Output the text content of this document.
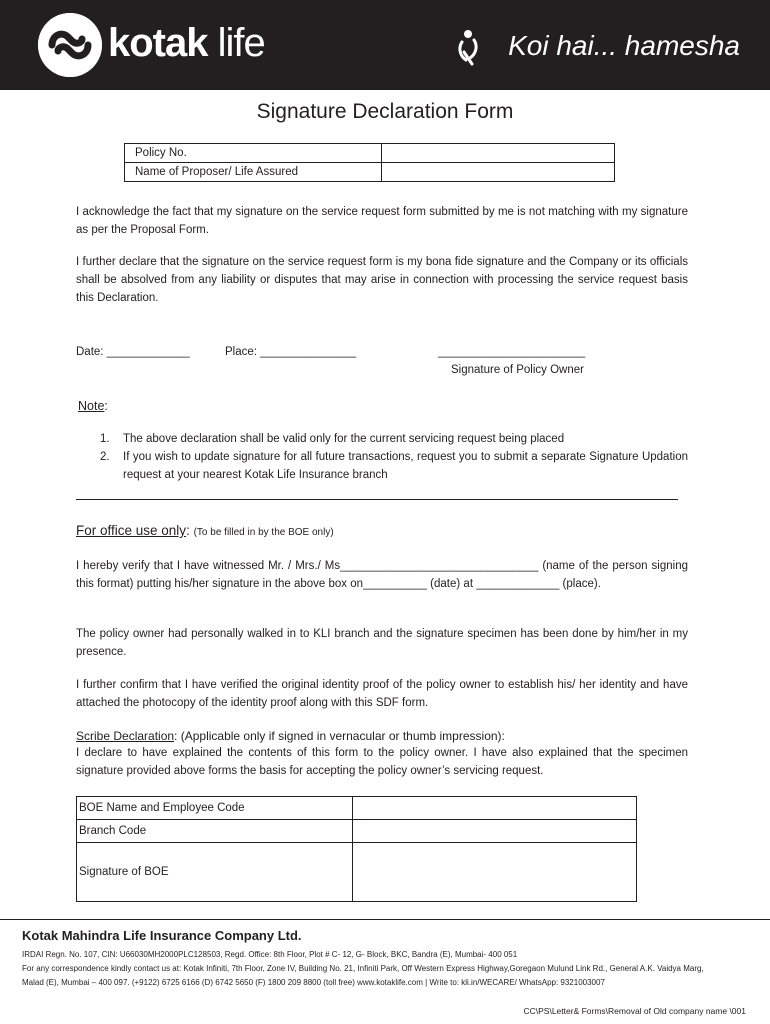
kotak life	Koi hai... hamesha
Signature Declaration Form
Policy No.	
Name of Proposer/ Life Assured	
I acknowledge the fact that my signature on the service request form submitted by me is not matching with my signature as per the Proposal Form.
I further declare that the signature on the service request form is my bona fide signature and the Company or its officials shall be absolved from any liability or disputes that may arise in connection with processing the service request basis this Declaration.
Date: _____________	Place: _______________	_______________________
Signature of Policy Owner
Note:
1. The above declaration shall be valid only for the current servicing request being placed
2. If you wish to update signature for all future transactions, request you to submit a separate Signature Updation request at your nearest Kotak Life Insurance branch
For office use only: (To be filled in by the BOE only)
I hereby verify that I have witnessed Mr. / Mrs./ Ms_______________________________ (name of the person signing this format) putting his/her signature in the above box on__________ (date) at _____________ (place).
The policy owner had personally walked in to KLI branch and the signature specimen has been done by him/her in my presence.
I further confirm that I have verified the original identity proof of the policy owner to establish his/ her identity and have attached the photocopy of the identity proof along with this SDF form.
Scribe Declaration: (Applicable only if signed in vernacular or thumb impression):
I declare to have explained the contents of this form to the policy owner. I have also explained that the specimen signature provided above forms the basis for accepting the policy owner’s servicing request.
BOE Name and Employee Code	
Branch Code	
Signature of BOE	
Kotak Mahindra Life Insurance Company Ltd.
IRDAI Regn. No. 107, CIN: U66030MH2000PLC128503, Regd. Office: 8th Floor, Plot # C- 12, G- Block, BKC, Bandra (E), Mumbai- 400 051
For any correspondence kindly contact us at: Kotak Infiniti, 7th Floor, Zone IV, Building No. 21, Infiniti Park, Off Western Express Highway,Goregaon Mulund Link Rd., General A.K. Vaidya Marg,
Malad (E), Mumbai – 400 097. (+9122) 6725 6166 (D) 6742 5650 (F) 1800 209 8800 (toll free) www.kotaklife.com | Write to: kli.in/WECARE/ WhatsApp: 9321003007
CC\PS\Letter& Forms\Removal of Old company name \001
